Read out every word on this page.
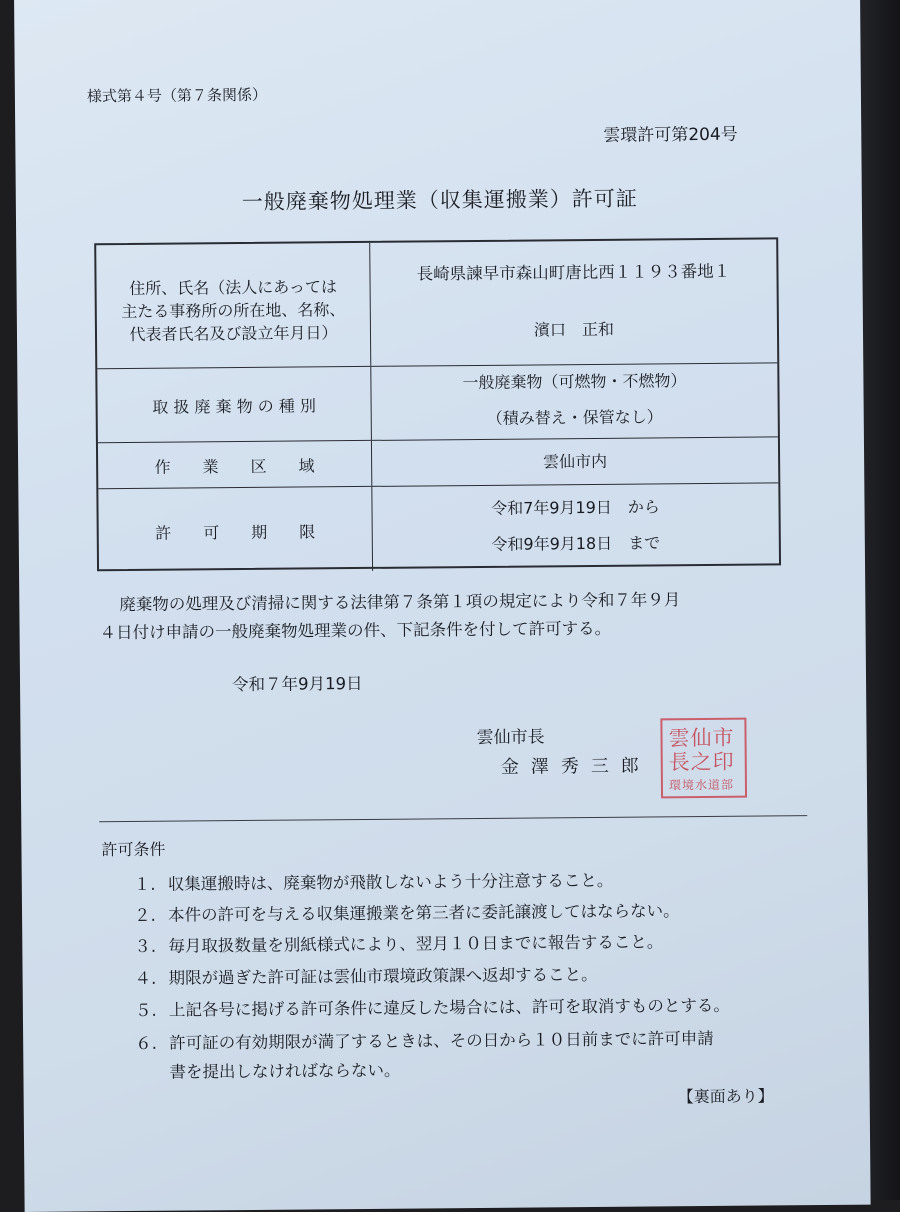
様式第４号（第７条関係）
雲環許可第204号
一般廃棄物処理業（収集運搬業）許可証
住所、氏名（法人にあっては
主たる事務所の所在地、名称、
代表者氏名及び設立年月日）
長崎県諫早市森山町唐比西１１９３番地１
濱口　正和
取 扱 廃 棄 物 の 種 別
一般廃棄物（可燃物・不燃物）
（積み替え・保管なし）
作　　業　　区　　域	雲仙市内
許　　可　　期　　限
令和7年9月19日　から
令和9年9月18日　まで
廃棄物の処理及び清掃に関する法律第７条第１項の規定により令和７年９月
４日付け申請の一般廃棄物処理業の件、下記条件を付して許可する。
令和７年9月19日
雲仙市長
金澤秀三郎
市
印
仙
之
雲
長
環境水道部
許可条件
１. 収集運搬時は、廃棄物が飛散しないよう十分注意すること。
２. 本件の許可を与える収集運搬業を第三者に委託譲渡してはならない。
３. 毎月取扱数量を別紙様式により、翌月１０日までに報告すること。
４. 期限が過ぎた許可証は雲仙市環境政策課へ返却すること。
５. 上記各号に掲げる許可条件に違反した場合には、許可を取消すものとする。
６. 許可証の有効期限が満了するときは、その日から１０日前までに許可申請
書を提出しなければならない。
【裏面あり】
